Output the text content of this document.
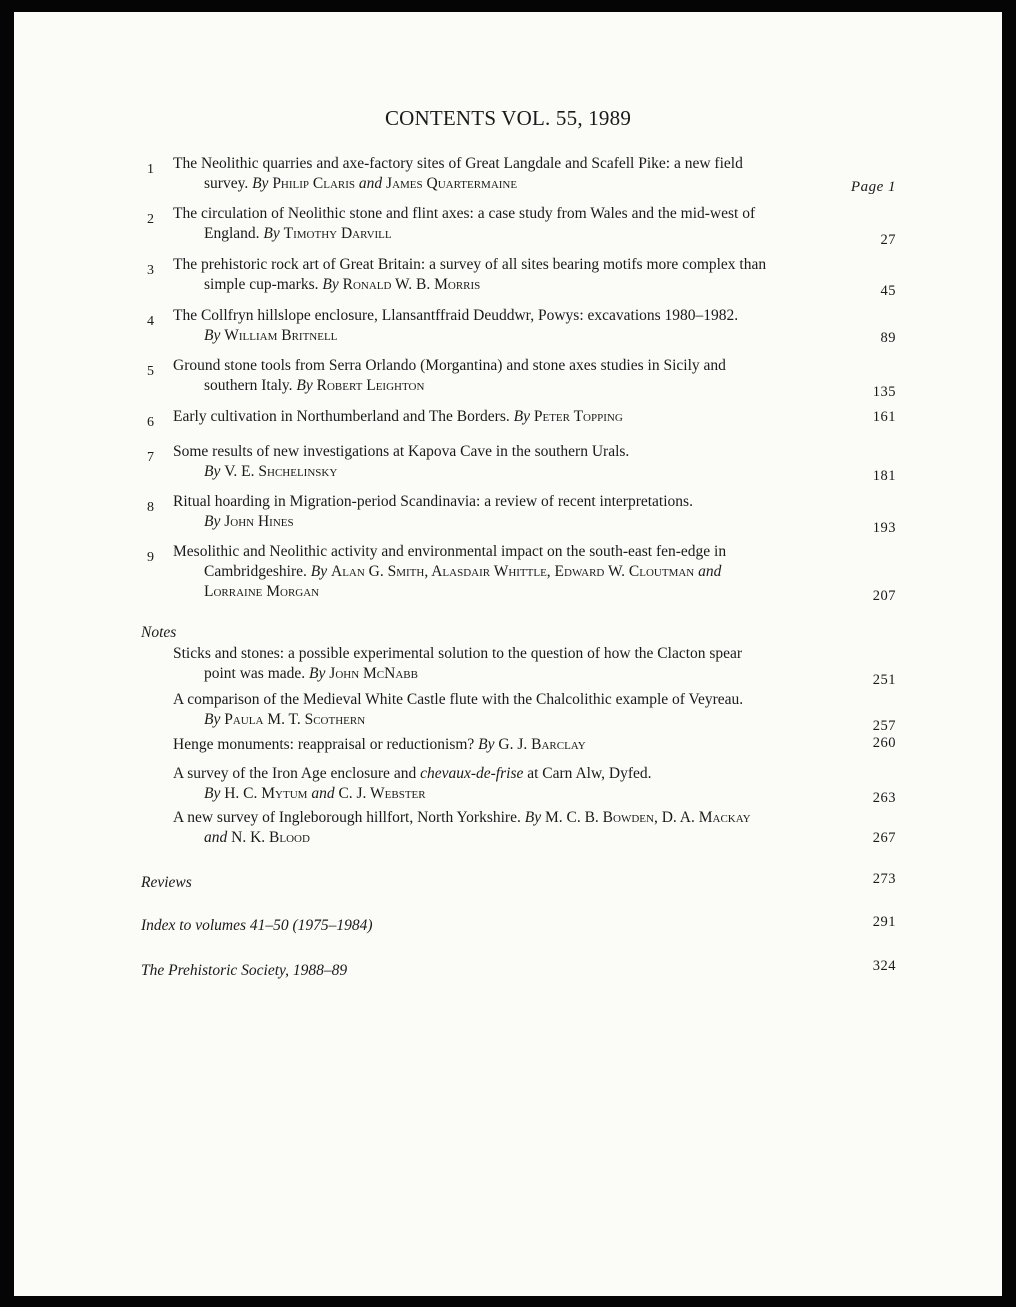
CONTENTS VOL. 55, 1989
1 The Neolithic quarries and axe-factory sites of Great Langdale and Scafell Pike: a new field
survey. By Philip Claris and James Quartermaine	Page 1
2 The circulation of Neolithic stone and flint axes: a case study from Wales and the mid-west of
England. By Timothy Darvill	27
3 The prehistoric rock art of Great Britain: a survey of all sites bearing motifs more complex than
simple cup-marks. By Ronald W. B. Morris	45
4 The Collfryn hillslope enclosure, Llansantffraid Deuddwr, Powys: excavations 1980–1982.
By William Britnell	89
5 Ground stone tools from Serra Orlando (Morgantina) and stone axes studies in Sicily and
southern Italy. By Robert Leighton	135
6 Early cultivation in Northumberland and The Borders. By Peter Topping	161
7 Some results of new investigations at Kapova Cave in the southern Urals.
By V. E. Shchelinsky	181
8 Ritual hoarding in Migration-period Scandinavia: a review of recent interpretations.
By John Hines	193
9 Mesolithic and Neolithic activity and environmental impact on the south-east fen-edge in
Cambridgeshire. By Alan G. Smith, Alasdair Whittle, Edward W. Cloutman and
Lorraine Morgan	207
Notes
Sticks and stones: a possible experimental solution to the question of how the Clacton spear
point was made. By John McNabb	251
A comparison of the Medieval White Castle flute with the Chalcolithic example of Veyreau.
By Paula M. T. Scothern	257
Henge monuments: reappraisal or reductionism? By G. J. Barclay	260
A survey of the Iron Age enclosure and chevaux-de-frise at Carn Alw, Dyfed.
By H. C. Mytum and C. J. Webster	263
A new survey of Ingleborough hillfort, North Yorkshire. By M. C. B. Bowden, D. A. Mackay
and N. K. Blood	267
Reviews	273
Index to volumes 41–50 (1975–1984)	291
The Prehistoric Society, 1988–89	324
